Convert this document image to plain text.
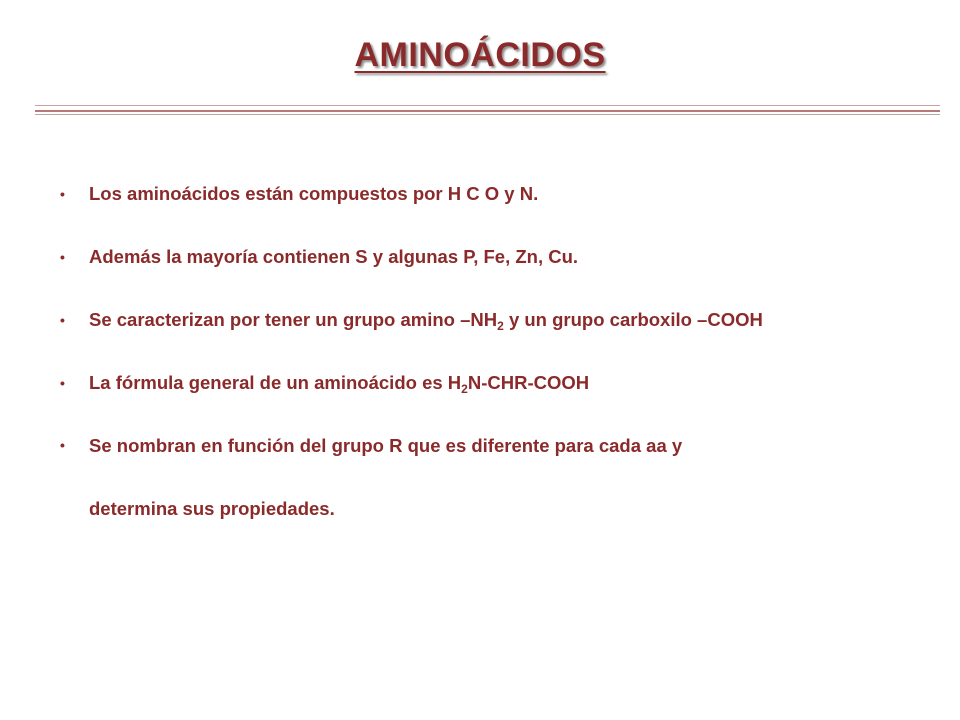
AMINOÁCIDOS
• Los aminoácidos están compuestos por H C O y N.
• Además la mayoría contienen S y algunas P, Fe, Zn, Cu.
• Se caracterizan por tener un grupo amino $-NH_2$ y un grupo carboxilo –COOH
• La fórmula general de un aminoácido es $H_2N-CHR$-COOH
• Se nombran en función del grupo R que es diferente para cada aa y
determina sus propiedades.
